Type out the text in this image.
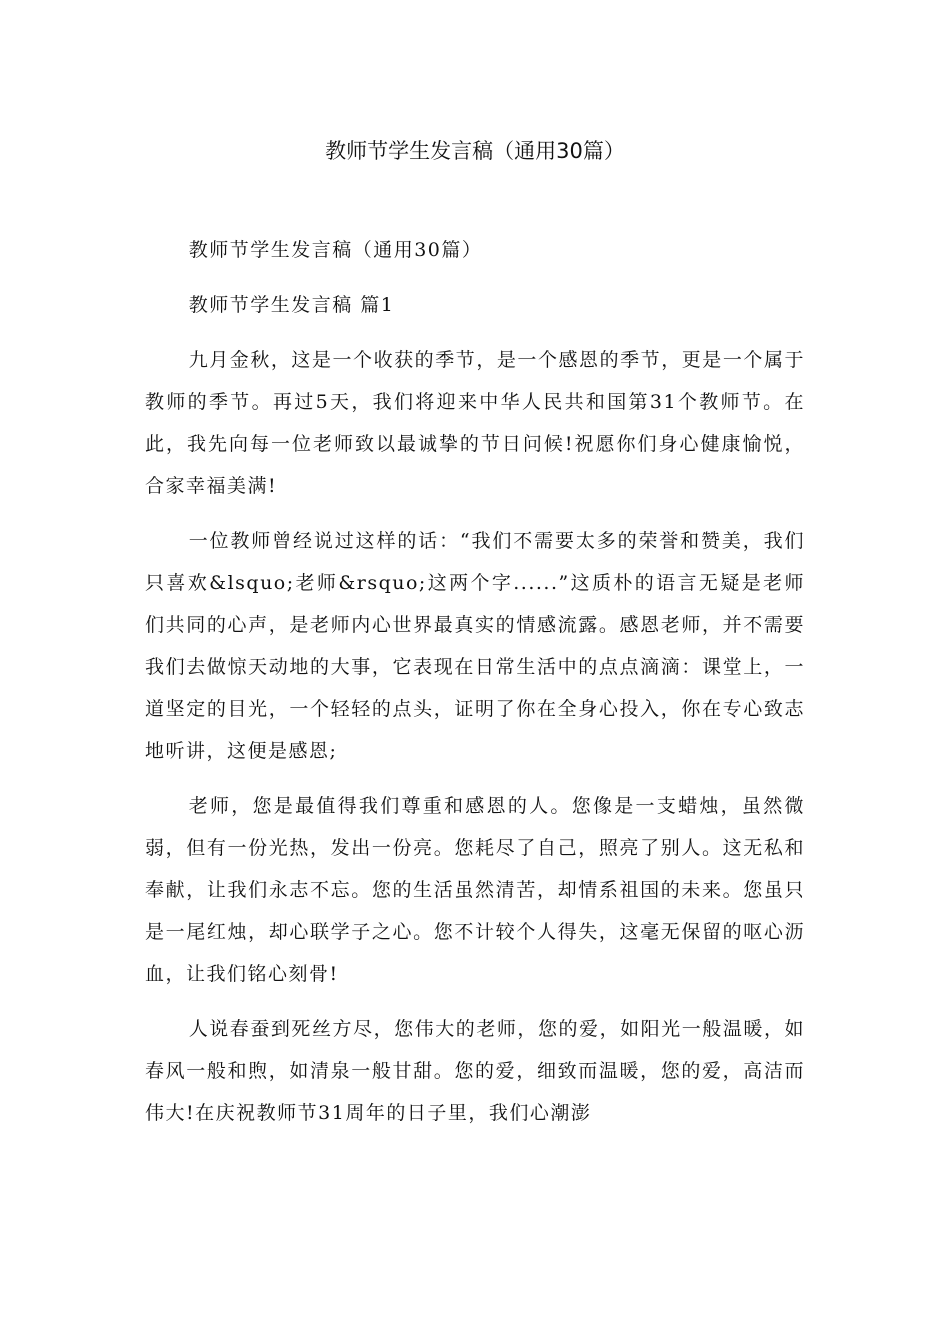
教师节学生发言稿（通用30篇）

教师节学生发言稿（通用30篇）

教师节学生发言稿 篇1

九月金秋，这是一个收获的季节，是一个感恩的季节，更是一个属于教师的季节。再过5天，我们将迎来中华人民共和国第31个教师节。在此，我先向每一位老师致以最诚挚的节日问候!祝愿你们身心健康愉悦，合家幸福美满!

一位教师曾经说过这样的话：“我们不需要太多的荣誉和赞美，我们只喜欢&lsquo;老师&rsquo;这两个字......”这质朴的语言无疑是老师们共同的心声，是老师内心世界最真实的情感流露。感恩老师，并不需要我们去做惊天动地的大事，它表现在日常生活中的点点滴滴：课堂上，一道坚定的目光，一个轻轻的点头，证明了你在全身心投入，你在专心致志地听讲，这便是感恩;

老师，您是最值得我们尊重和感恩的人。您像是一支蜡烛，虽然微弱，但有一份光热，发出一份亮。您耗尽了自己，照亮了别人。这无私和奉献，让我们永志不忘。您的生活虽然清苦，却情系祖国的未来。您虽只是一尾红烛，却心联学子之心。您不计较个人得失，这毫无保留的呕心沥血，让我们铭心刻骨!

人说春蚕到死丝方尽，您伟大的老师，您的爱，如阳光一般温暖，如春风一般和煦，如清泉一般甘甜。您的爱，细致而温暖，您的爱，高洁而伟大!在庆祝教师节31周年的日子里，我们心潮澎
